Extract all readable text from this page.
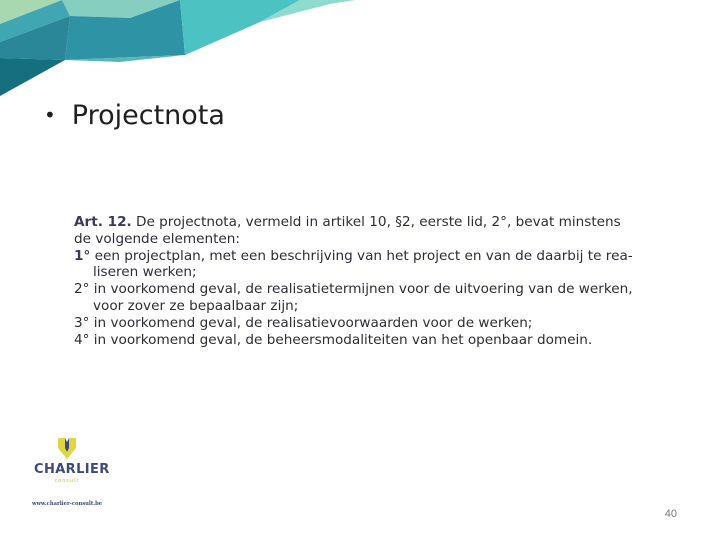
• Projectnota
Art. 12. De projectnota, vermeld in artikel 10, §2, eerste lid, 2°, bevat minstens
de volgende elementen:
1° een projectplan, met een beschrijving van het project en van de daarbij te rea-
liseren werken;
2° in voorkomend geval, de realisatietermijnen voor de uitvoering van de werken,
voor zover ze bepaalbaar zijn;
3° in voorkomend geval, de realisatievoorwaarden voor de werken;
4° in voorkomend geval, de beheersmodaliteiten van het openbaar domein.
CHARLIER
consult
www.charlier-consult.be
40
